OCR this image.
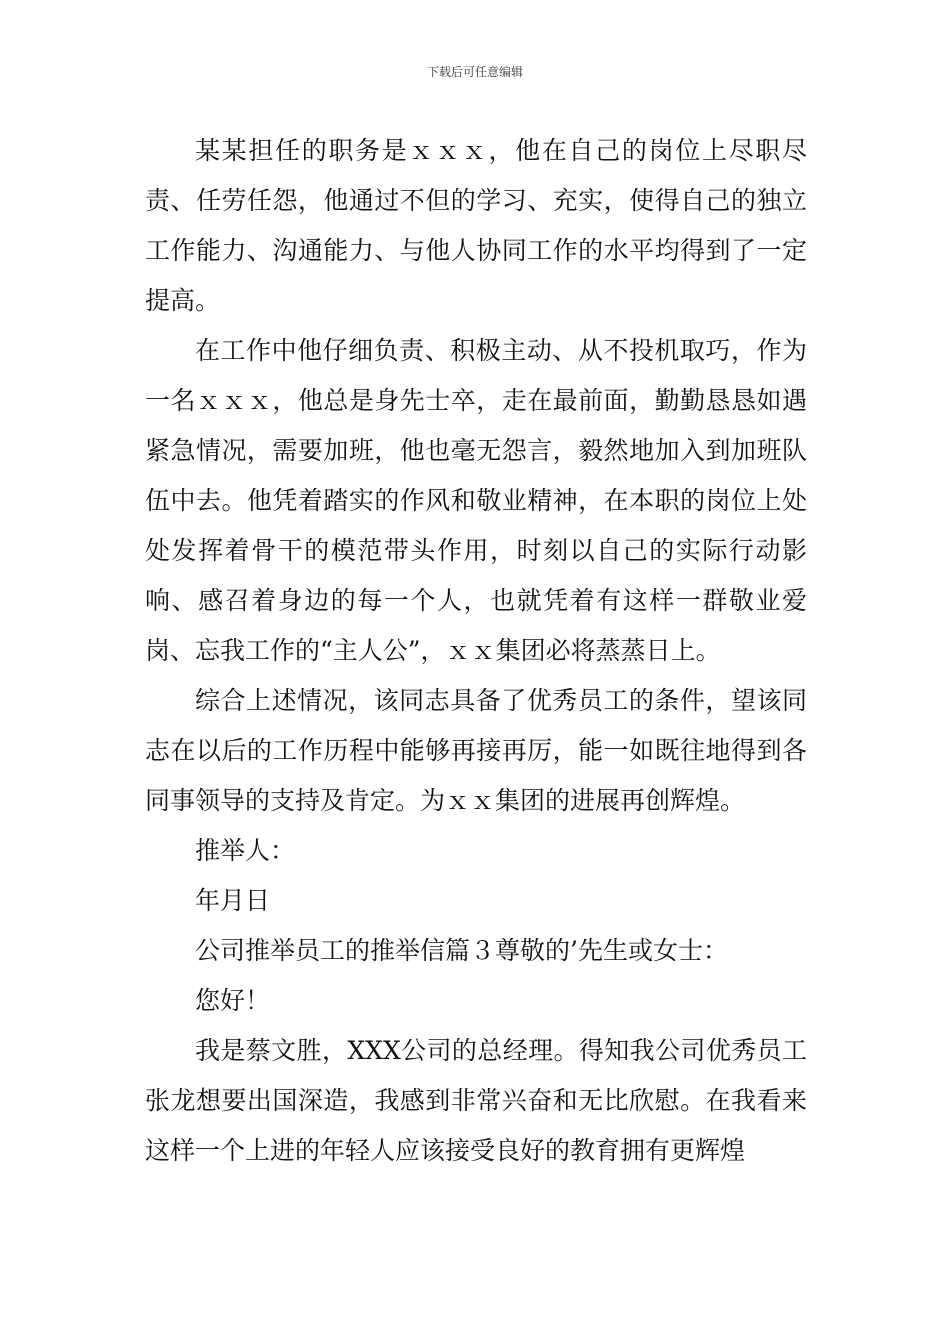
下载后可任意编辑

某某担任的职务是ｘｘｘ，他在自己的岗位上尽职尽责、任劳任怨，他通过不但的学习、充实，使得自己的独立工作能力、沟通能力、与他人协同工作的水平均得到了一定提高。

在工作中他仔细负责、积极主动、从不投机取巧，作为一名ｘｘｘ，他总是身先士卒，走在最前面，勤勤恳恳如遇紧急情况，需要加班，他也毫无怨言，毅然地加入到加班队伍中去。他凭着踏实的作风和敬业精神，在本职的岗位上处处发挥着骨干的模范带头作用，时刻以自己的实际行动影响、感召着身边的每一个人，也就凭着有这样一群敬业爱岗、忘我工作的“主人公”，ｘｘ集团必将蒸蒸日上。

综合上述情况，该同志具备了优秀员工的条件，望该同志在以后的工作历程中能够再接再厉，能一如既往地得到各同事领导的支持及肯定。为ｘｘ集团的进展再创辉煌。

推举人：

年月日

公司推举员工的推举信篇３尊敬的’先生或女士：

您好！

我是蔡文胜，XXX公司的总经理。得知我公司优秀员工张龙想要出国深造，我感到非常兴奋和无比欣慰。在我看来这样一个上进的年轻人应该接受良好的教育拥有更辉煌
